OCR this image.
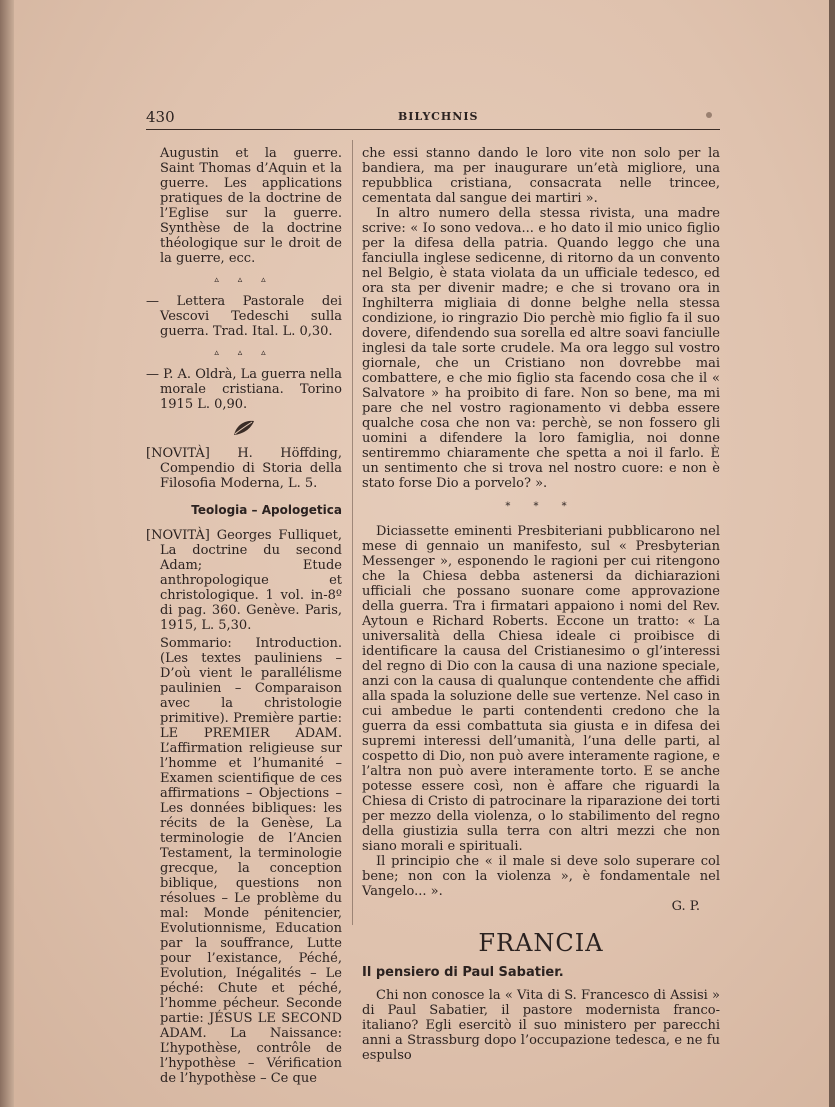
430	BILYCHNIS

Augustin et la guerre. Saint Thomas d’Aquin et la guerre. Les applications pratiques de la doctrine de l’Eglise sur la guerre. Synthèse de la doctrine théologique sur le droit de la guerre, ecc.

▵ ▵ ▵

— Lettera Pastorale dei Vescovi Tedeschi sulla guerra. Trad. Ital. L. 0,30.

▵ ▵ ▵

— P. A. Oldrà, La guerra nella morale cristiana. Torino 1915 L. 0,90.

[NOVITÀ] H. Höffding, Compendio di Storia della Filosofia Moderna, L. 5.

Teologia – Apologetica

[NOVITÀ] Georges Fulliquet, La doctrine du second Adam; Etude anthropologique et christologique. 1 vol. in-8º di pag. 360. Genève. Paris, 1915, L. 5,30.

Sommario: Introduction. (Les textes pauliniens – D’où vient le parallélisme paulinien – Comparaison avec la christologie primitive). Première partie: LE PREMIER ADAM. L’affirmation religieuse sur l’homme et l’humanité – Examen scientifique de ces affirmations – Objections – Les données bibliques: les récits de la Genèse, La terminologie de l’Ancien Testament, la terminologie grecque, la conception biblique, questions non résolues – Le problème du mal: Monde pénitencier, Evolutionnisme, Education par la souffrance, Lutte pour l’existance, Péché, Evolution, Inégalités – Le péché: Chute et péché, l’homme pécheur. Seconde partie: JÉSUS LE SECOND ADAM. La Naissance: L’hypothèse, contrôle de l’hypothèse – Vérification de l’hypothèse – Ce que

che essi stanno dando le loro vite non solo per la bandiera, ma per inaugurare un’età migliore, una repubblica cristiana, consacrata nelle trincee, cementata dal sangue dei martiri ».

In altro numero della stessa rivista, una madre scrive: « Io sono vedova... e ho dato il mio unico figlio per la difesa della patria. Quando leggo che una fanciulla inglese sedicenne, di ritorno da un convento nel Belgio, è stata violata da un ufficiale tedesco, ed ora sta per divenir madre; e che si trovano ora in Inghilterra migliaia di donne belghe nella stessa condizione, io ringrazio Dio perchè mio figlio fa il suo dovere, difendendo sua sorella ed altre soavi fanciulle inglesi da tale sorte crudele. Ma ora leggo sul vostro giornale, che un Cristiano non dovrebbe mai combattere, e che mio figlio sta facendo cosa che il « Salvatore » ha proibito di fare. Non so bene, ma mi pare che nel vostro ragionamento vi debba essere qualche cosa che non va: perchè, se non fossero gli uomini a difendere la loro famiglia, noi donne sentiremmo chiaramente che spetta a noi il farlo. È un sentimento che si trova nel nostro cuore: e non è stato forse Dio a porvelo? ».

* * *

Diciassette eminenti Presbiteriani pubblicarono nel mese di gennaio un manifesto, sul « Presbyterian Messenger », esponendo le ragioni per cui ritengono che la Chiesa debba astenersi da dichiarazioni ufficiali che possano suonare come approvazione della guerra. Tra i firmatari appaiono i nomi del Rev. Aytoun e Richard Roberts. Eccone un tratto: « La universalità della Chiesa ideale ci proibisce di identificare la causa del Cristianesimo o gl’interessi del regno di Dio con la causa di una nazione speciale, anzi con la causa di qualunque contendente che affidi alla spada la soluzione delle sue vertenze. Nel caso in cui ambedue le parti contendenti credono che la guerra da essi combattuta sia giusta e in difesa dei supremi interessi dell’umanità, l’una delle parti, al cospetto di Dio, non può avere interamente ragione, e l’altra non può avere interamente torto. E se anche potesse essere così, non è affare che riguardi la Chiesa di Cristo di patrocinare la riparazione dei torti per mezzo della violenza, o lo stabilimento del regno della giustizia sulla terra con altri mezzi che non siano morali e spirituali.

Il principio che « il male si deve solo superare col bene; non con la violenza », è fondamentale nel Vangelo... ».

G. P.

FRANCIA
Il pensiero di Paul Sabatier.

Chi non conosce la « Vita di S. Francesco di Assisi » di Paul Sabatier, il pastore modernista franco-italiano? Egli esercitò il suo ministero per parecchi anni a Strassburg dopo l’occupazione tedesca, e ne fu espulso
